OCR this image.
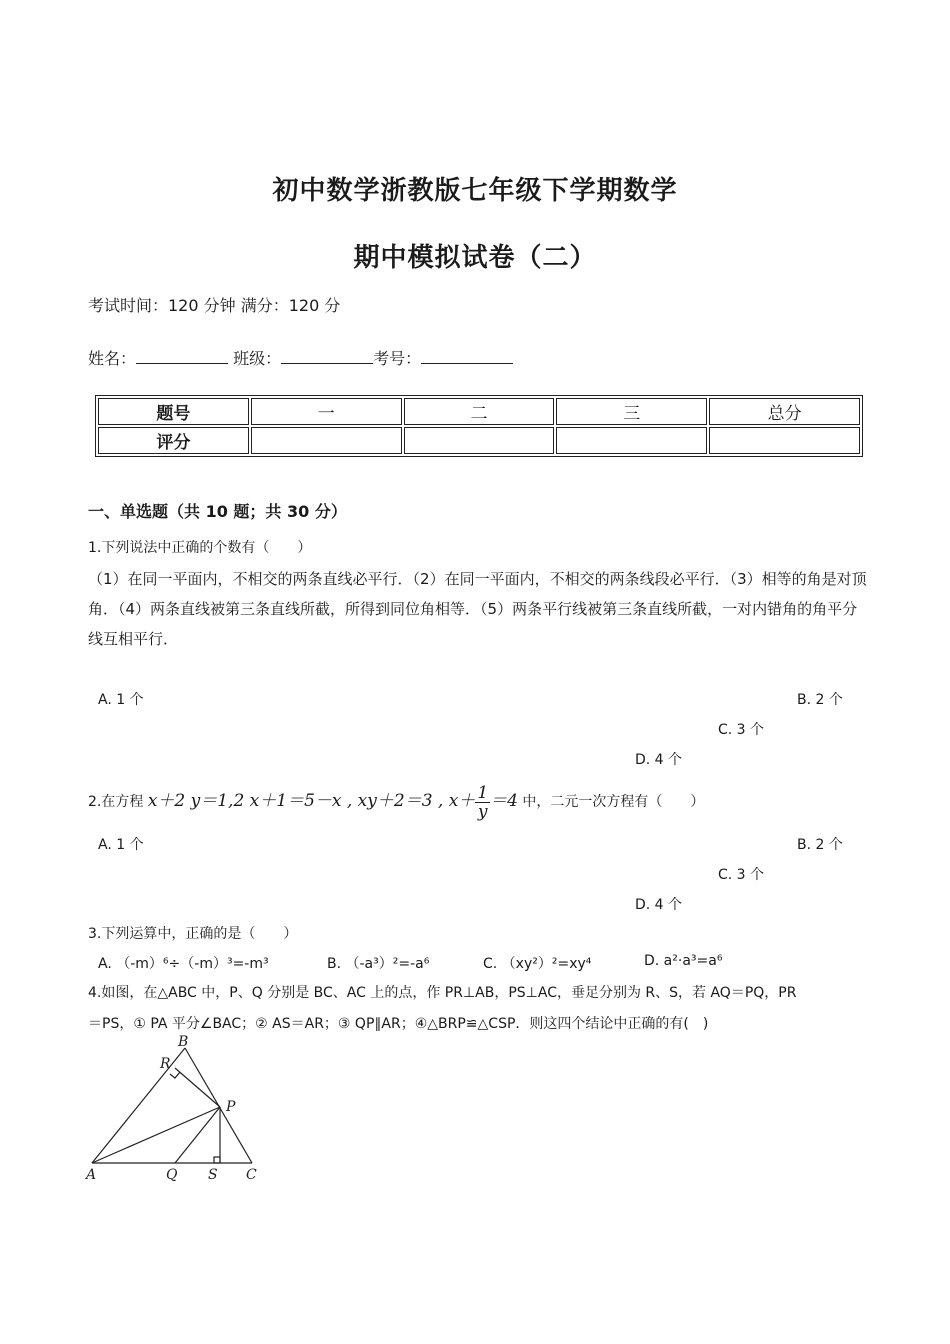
初中数学浙教版七年级下学期数学
期中模拟试卷（二）
考试时间：120 分钟 满分：120 分
姓名：	班级：	考号：
题号	一	二	三	总分
评分				
一、单选题（共 10 题；共 30 分）
1.下列说法中正确的个数有（　　）
（1）在同一平面内，不相交的两条直线必平行．（2）在同一平面内，不相交的两条线段必平行．（3）相等的角是对顶角．（4）两条直线被第三条直线所截，所得到同位角相等．（5）两条平行线被第三条直线所截，一对内错角的角平分线互相平行．
A. 1 个	B. 2 个
C. 3 个
D. 4 个
2.在方程 x＋2 y＝1,2 x＋1＝5－x , xy＋2＝3 , $x+ \frac{1}{y} =4$ 中，二元一次方程有（　　）
A. 1 个	B. 2 个
C. 3 个
D. 4 个
3.下列运算中，正确的是（　　）
A. （-m）⁶÷（-m）³=-m³	B. （-a³）²=-a⁶	C. （xy²）²=xy⁴	D. a²·a³=a⁶
4.如图，在△ABC 中，P、Q 分别是 BC、AC 上的点，作 PR⊥AB，PS⊥AC，垂足分别为 R、S，若 AQ＝PQ，PR
＝PS，① PA 平分∠BAC；② AS＝AR；③ QP∥AR；④△BRP≌△CSP．则这四个结论中正确的有(　)
A
B
C
P
Q
R
S
